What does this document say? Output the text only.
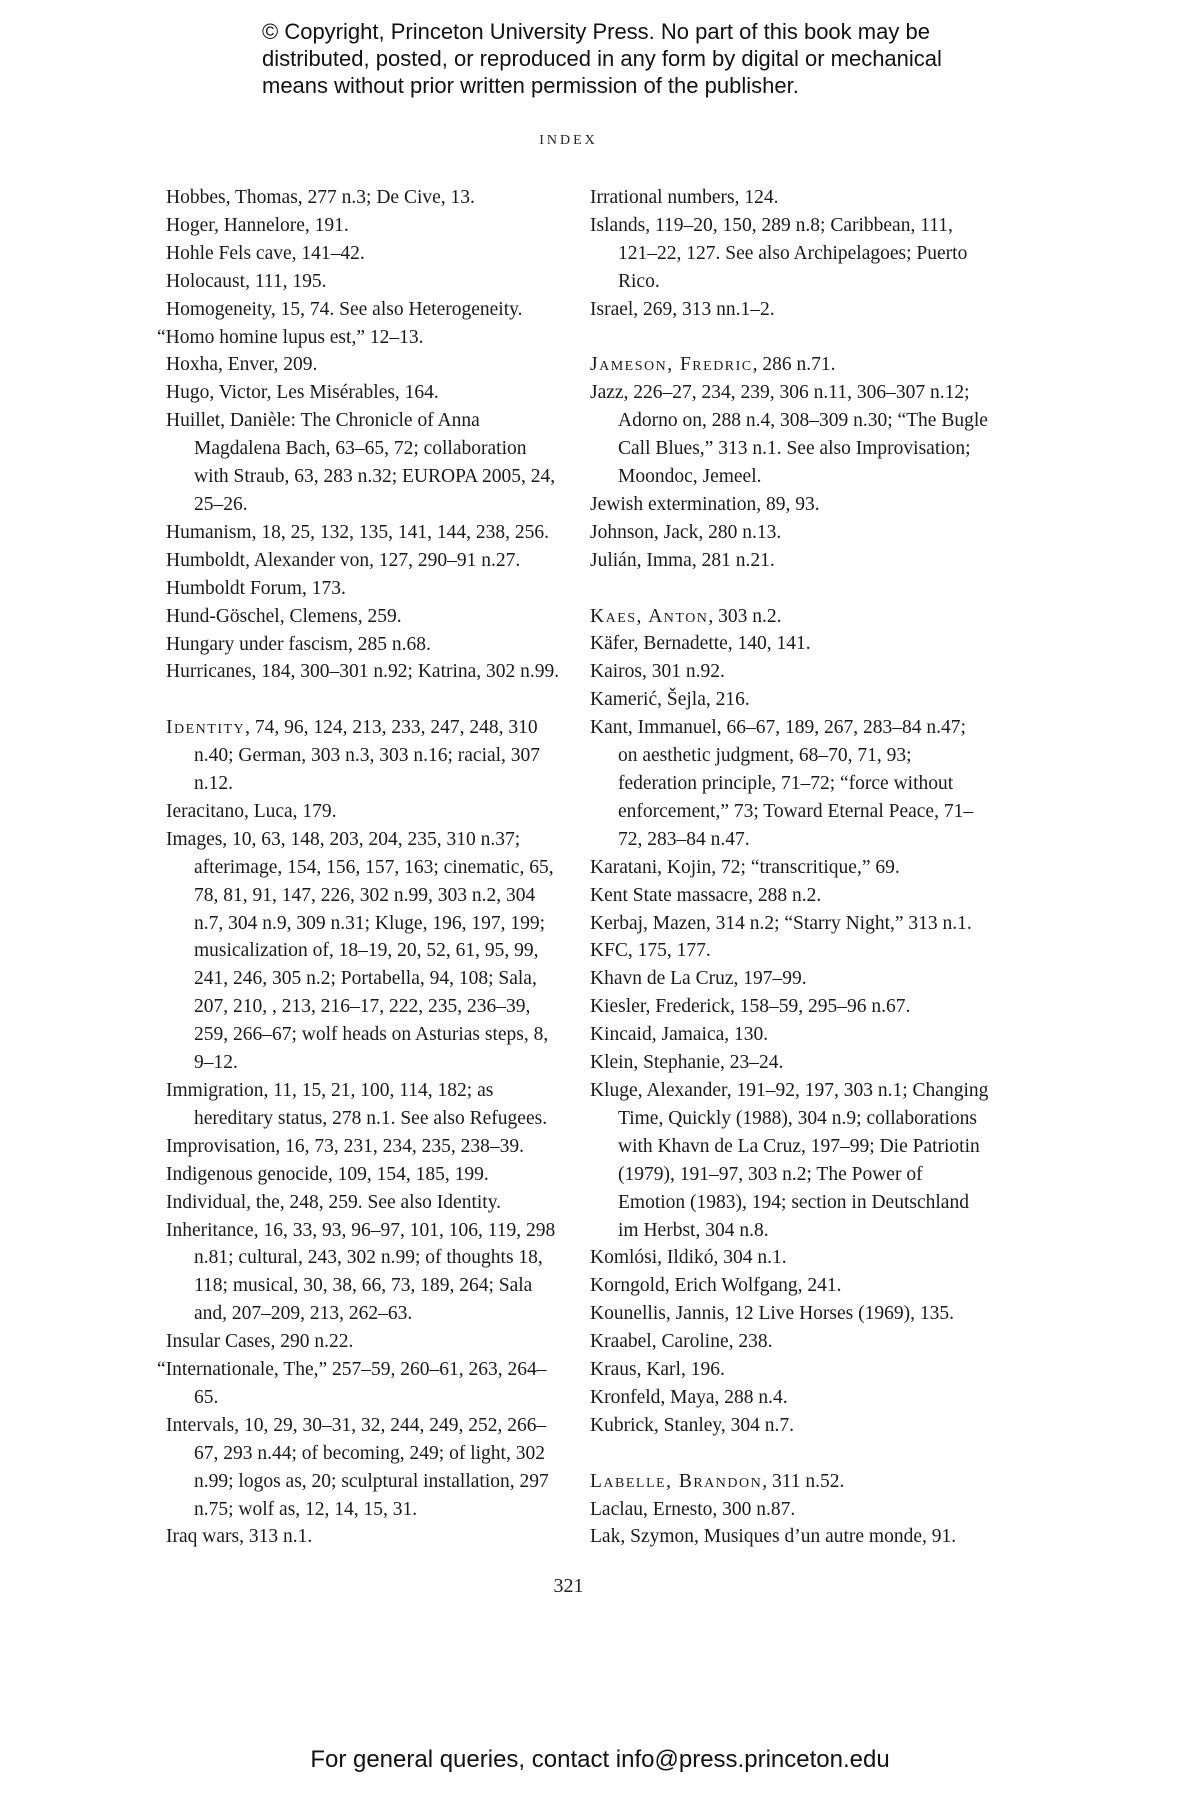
© Copyright, Princeton University Press. No part of this book may be
distributed, posted, or reproduced in any form by digital or mechanical
means without prior written permission of the publisher.
INDEX

Hobbes, Thomas, 277 n.3; De Cive, 13.

Hoger, Hannelore, 191.

Hohle Fels cave, 141–42.

Holocaust, 111, 195.

Homogeneity, 15, 74. See also Heterogeneity.

“Homo homine lupus est,” 12–13.

Hoxha, Enver, 209.

Hugo, Victor, Les Misérables, 164.

Huillet, Danièle: The Chronicle of Anna Magdalena Bach, 63–65, 72; collaboration with Straub, 63, 283 n.32; EUROPA 2005, 24, 25–26.

Humanism, 18, 25, 132, 135, 141, 144, 238, 256.

Humboldt, Alexander von, 127, 290–91 n.27.

Humboldt Forum, 173.

Hund-Göschel, Clemens, 259.

Hungary under fascism, 285 n.68.

Hurricanes, 184, 300–301 n.92; Katrina, 302 n.99.

Identity, 74, 96, 124, 213, 233, 247, 248, 310 n.40; German, 303 n.3, 303 n.16; racial, 307 n.12.

Ieracitano, Luca, 179.

Images, 10, 63, 148, 203, 204, 235, 310 n.37; afterimage, 154, 156, 157, 163; cinematic, 65, 78, 81, 91, 147, 226, 302 n.99, 303 n.2, 304 n.7, 304 n.9, 309 n.31; Kluge, 196, 197, 199; musicalization of, 18–19, 20, 52, 61, 95, 99, 241, 246, 305 n.2; Portabella, 94, 108; Sala, 207, 210, , 213, 216–17, 222, 235, 236–39, 259, 266–67; wolf heads on Asturias steps, 8, 9–12.

Immigration, 11, 15, 21, 100, 114, 182; as hereditary status, 278 n.1. See also Refugees.

Improvisation, 16, 73, 231, 234, 235, 238–39.

Indigenous genocide, 109, 154, 185, 199.

Individual, the, 248, 259. See also Identity.

Inheritance, 16, 33, 93, 96–97, 101, 106, 119, 298 n.81; cultural, 243, 302 n.99; of thoughts 18, 118; musical, 30, 38, 66, 73, 189, 264; Sala and, 207–209, 213, 262–63.

Insular Cases, 290 n.22.

“Internationale, The,” 257–59, 260–61, 263, 264–65.

Intervals, 10, 29, 30–31, 32, 244, 249, 252, 266–67, 293 n.44; of becoming, 249; of light, 302 n.99; logos as, 20; sculptural installation, 297 n.75; wolf as, 12, 14, 15, 31.

Iraq wars, 313 n.1.

Irrational numbers, 124.

Islands, 119–20, 150, 289 n.8; Caribbean, 111, 121–22, 127. See also Archipelagoes; Puerto Rico.

Israel, 269, 313 nn.1–2.

Jameson, Fredric, 286 n.71.

Jazz, 226–27, 234, 239, 306 n.11, 306–307 n.12; Adorno on, 288 n.4, 308–309 n.30; “The Bugle Call Blues,” 313 n.1. See also Improvisation; Moondoc, Jemeel.

Jewish extermination, 89, 93.

Johnson, Jack, 280 n.13.

Julián, Imma, 281 n.21.

Kaes, Anton, 303 n.2.

Käfer, Bernadette, 140, 141.

Kairos, 301 n.92.

Kamerić, Šejla, 216.

Kant, Immanuel, 66–67, 189, 267, 283–84 n.47; on aesthetic judgment, 68–70, 71, 93; federation principle, 71–72; “force without enforcement,” 73; Toward Eternal Peace, 71–72, 283–84 n.47.

Karatani, Kojin, 72; “transcritique,” 69.

Kent State massacre, 288 n.2.

Kerbaj, Mazen, 314 n.2; “Starry Night,” 313 n.1.

KFC, 175, 177.

Khavn de La Cruz, 197–99.

Kiesler, Frederick, 158–59, 295–96 n.67.

Kincaid, Jamaica, 130.

Klein, Stephanie, 23–24.

Kluge, Alexander, 191–92, 197, 303 n.1; Changing Time, Quickly (1988), 304 n.9; collaborations with Khavn de La Cruz, 197–99; Die Patriotin (1979), 191–97, 303 n.2; The Power of Emotion (1983), 194; section in Deutschland im Herbst, 304 n.8.

Komlósi, Ildikó, 304 n.1.

Korngold, Erich Wolfgang, 241.

Kounellis, Jannis, 12 Live Horses (1969), 135.

Kraabel, Caroline, 238.

Kraus, Karl, 196.

Kronfeld, Maya, 288 n.4.

Kubrick, Stanley, 304 n.7.

Labelle, Brandon, 311 n.52.

Laclau, Ernesto, 300 n.87.

Lak, Szymon, Musiques d’un autre monde, 91.

321
For general queries, contact info@press.princeton.edu
